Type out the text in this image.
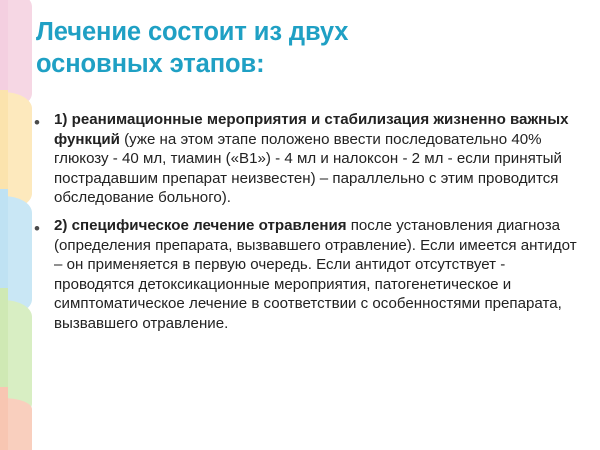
Лечение состоит из двух
основных этапов:
• 1) реанимационные мероприятия и стабилизация жизненно важных функций (уже на этом этапе положено ввести последовательно 40% глюкозу - 40 мл, тиамин («В1») - 4 мл и налоксон - 2 мл - если принятый пострадавшим препарат неизвестен) – параллельно с этим проводится обследование больного).
• 2) специфическое лечение отравления после установления диагноза (определения препарата, вызвавшего отравление). Если имеется антидот – он применяется в первую очередь. Если антидот отсутствует - проводятся детоксикационные мероприятия, патогенетическое и симптоматическое лечение в соответствии с особенностями препарата, вызвавшего отравление.
